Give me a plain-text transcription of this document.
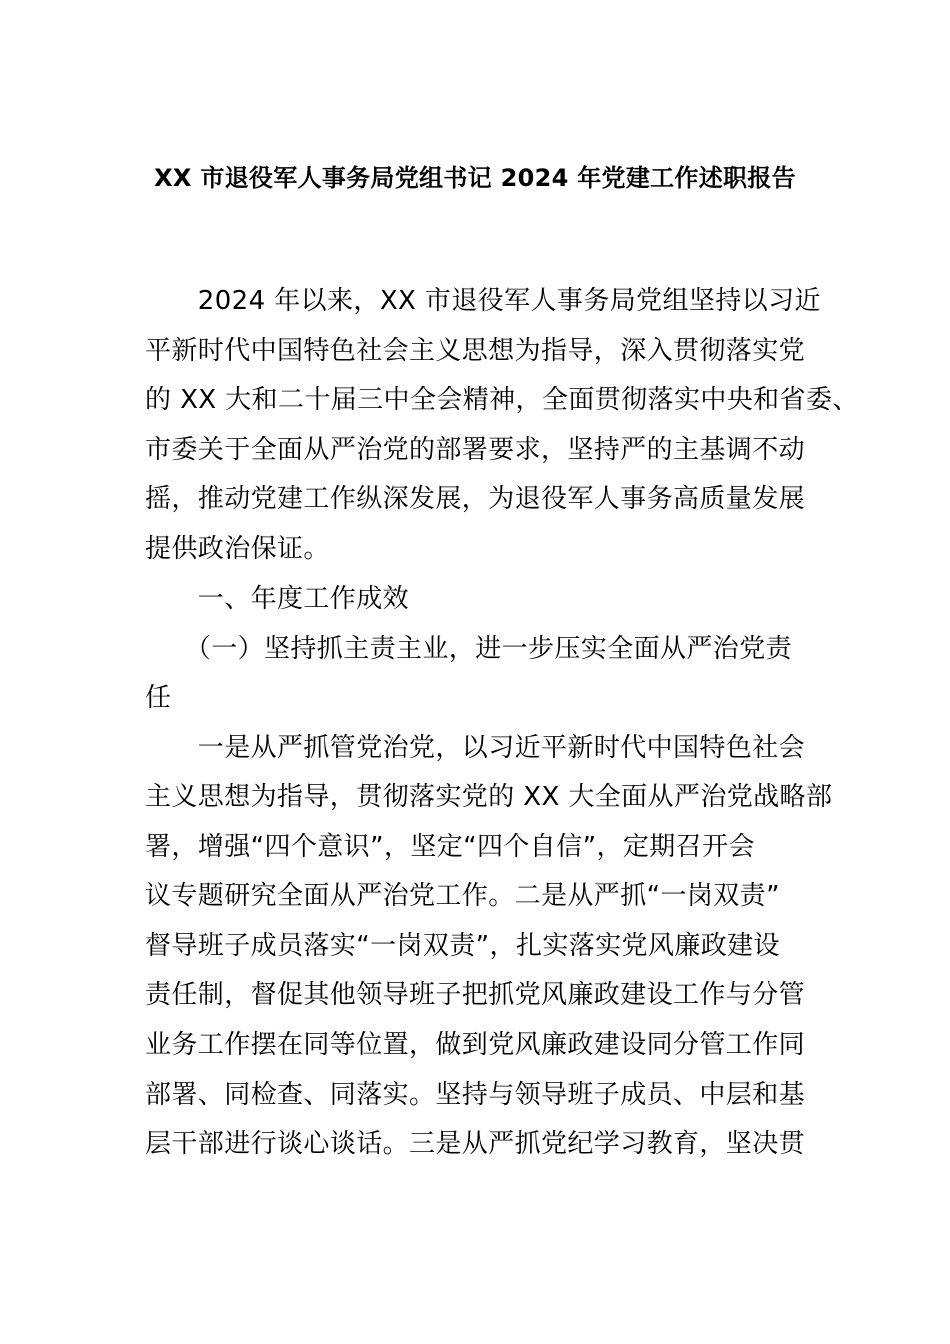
XX 市退役军人事务局党组书记 2024 年党建工作述职报告
　　2024 年以来，XX 市退役军人事务局党组坚持以习近
平新时代中国特色社会主义思想为指导，深入贯彻落实党
的 XX 大和二十届三中全会精神，全面贯彻落实中央和省委、
市委关于全面从严治党的部署要求，坚持严的主基调不动
摇，推动党建工作纵深发展，为退役军人事务高质量发展
提供政治保证。
　　一、年度工作成效
　　（一）坚持抓主责主业，进一步压实全面从严治党责
任
　　一是从严抓管党治党，以习近平新时代中国特色社会
主义思想为指导，贯彻落实党的 XX 大全面从严治党战略部
署，增强“四个意识”，坚定“四个自信”，定期召开会
议专题研究全面从严治党工作。二是从严抓“一岗双责”
督导班子成员落实“一岗双责”，扎实落实党风廉政建设
责任制，督促其他领导班子把抓党风廉政建设工作与分管
业务工作摆在同等位置，做到党风廉政建设同分管工作同
部署、同检查、同落实。坚持与领导班子成员、中层和基
层干部进行谈心谈话。三是从严抓党纪学习教育，坚决贯
